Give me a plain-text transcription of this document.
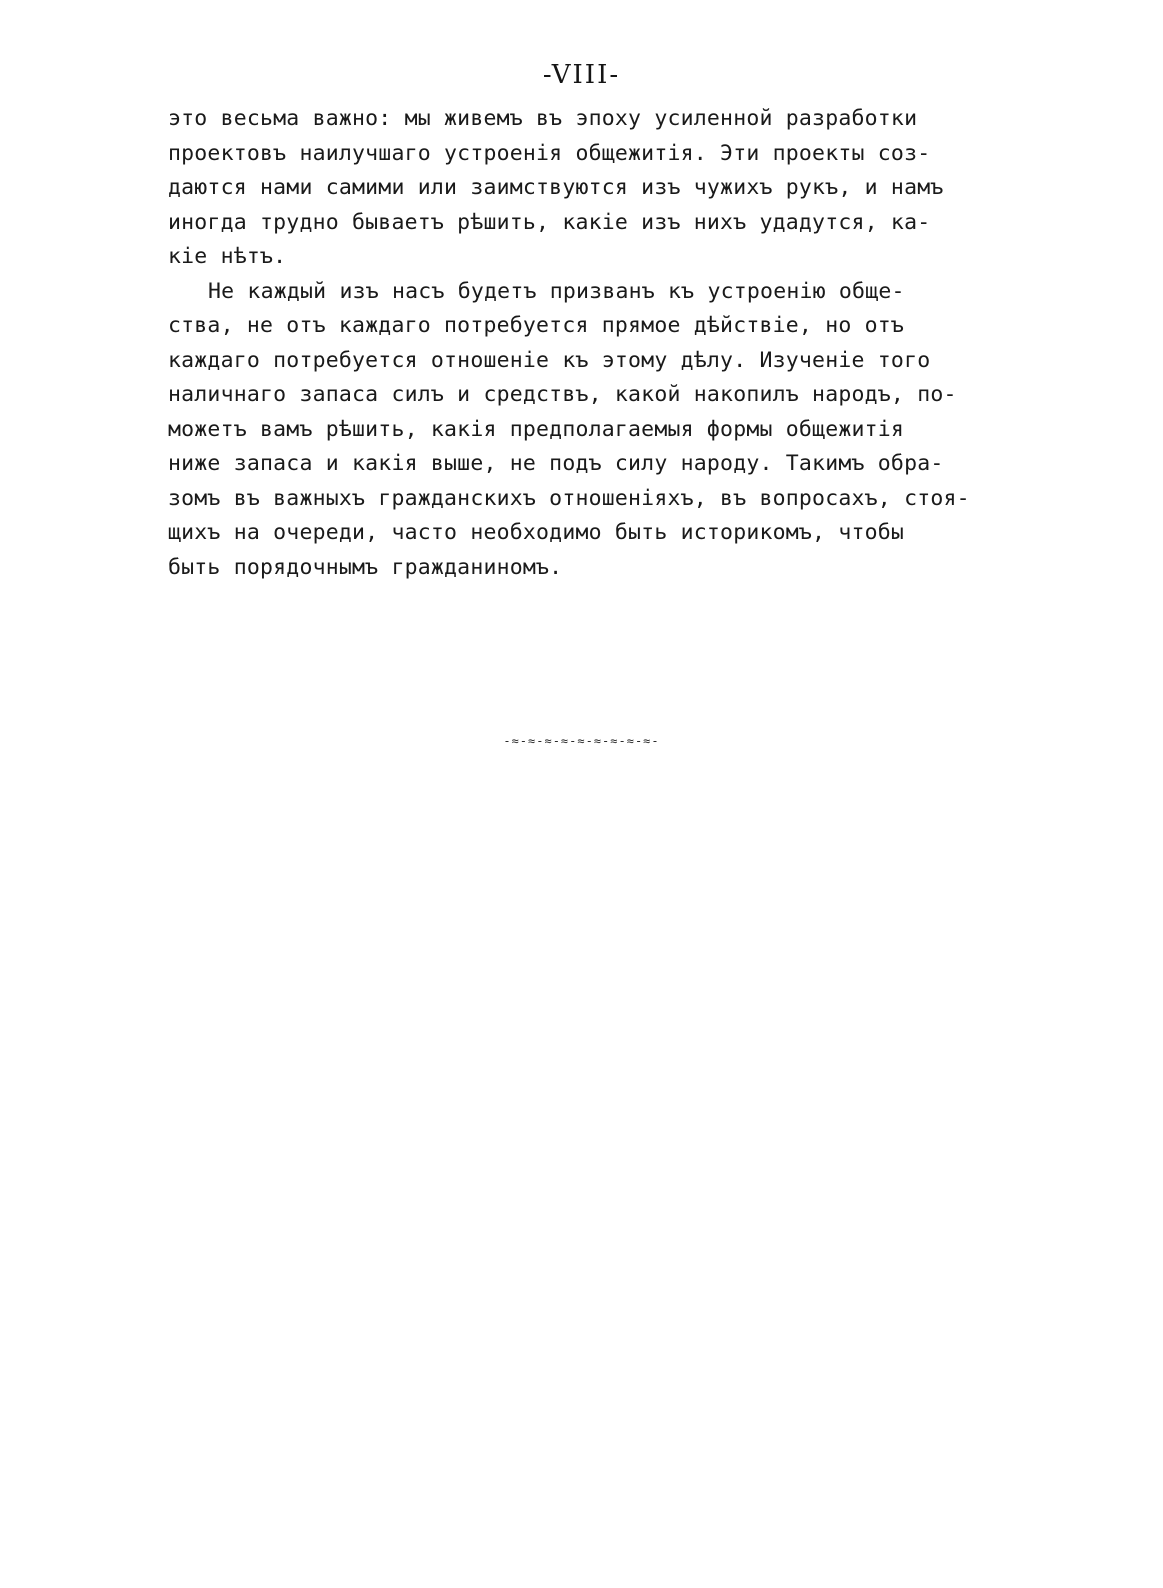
-VIII-
это весьма важно: мы живемъ въ эпоху усиленной разработки
проектовъ наилучшаго устроенія общежитія. Эти проекты соз-
даются нами самими или заимствуются изъ чужихъ рукъ, и намъ
иногда трудно бываетъ рѣшить, какіе изъ нихъ удадутся, ка-
кіе нѣтъ.
Не каждый изъ насъ будетъ призванъ къ устроенію обще-
ства, не отъ каждаго потребуется прямое дѣйствіе, но отъ
каждаго потребуется отношеніе къ этому дѣлу. Изученіе того
наличнаго запаса силъ и средствъ, какой накопилъ народъ, по-
можетъ вамъ рѣшить, какія предполагаемыя формы общежитія
ниже запаса и какія выше, не подъ силу народу. Такимъ обра-
зомъ въ важныхъ гражданскихъ отношеніяхъ, въ вопросахъ, стоя-
щихъ на очереди, часто необходимо быть историкомъ, чтобы
быть порядочнымъ гражданиномъ.
-≈-≈-≈-≈-≈-≈-≈-≈-≈-
